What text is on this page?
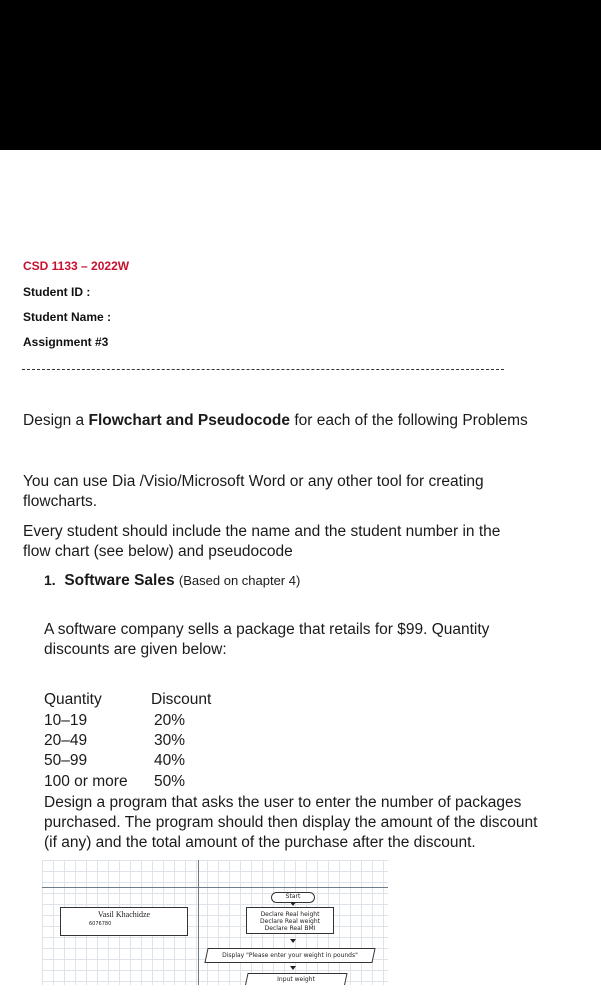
CSD 1133 – 2022W
Student ID :
Student Name :
Assignment #3
Design a Flowchart and Pseudocode for each of the following Problems
You can use Dia /Visio/Microsoft Word or any other tool for creating
flowcharts.
Every student should include the name and the student number in the
flow chart (see below) and pseudocode
1. Software Sales (Based on chapter 4)
A software company sells a package that retails for $99. Quantity
discounts are given below:
Quantity	Discount
10–19	20%
20–49	30%
50–99	40%
100 or more 50%
Design a program that asks the user to enter the number of packages
purchased. The program should then display the amount of the discount
(if any) and the total amount of the purchase after the discount.
Vasil Khachidze
6076780
Start
Declare Real height
Declare Real weight
Declare Real BMI
Display "Please enter your weight in pounds"
Input weight
